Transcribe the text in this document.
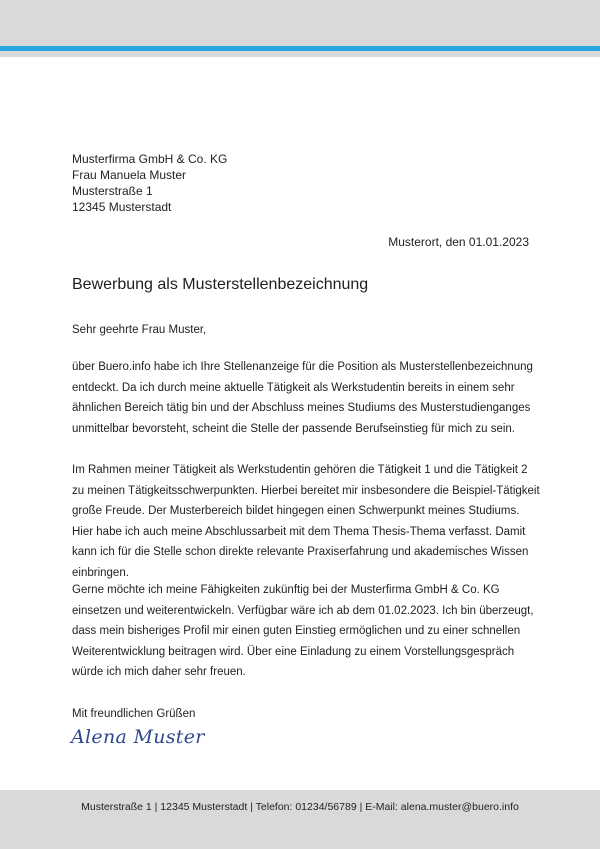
Musterfirma GmbH & Co. KG
Frau Manuela Muster
Musterstraße 1
12345 Musterstadt
Musterort, den 01.01.2023
Bewerbung als Musterstellenbezeichnung
Sehr geehrte Frau Muster,

über Buero.info habe ich Ihre Stellenanzeige für die Position als Musterstellenbezeichnung entdeckt. Da ich durch meine aktuelle Tätigkeit als Werkstudentin bereits in einem sehr ähnlichen Bereich tätig bin und der Abschluss meines Studiums des Musterstudienganges unmittelbar bevorsteht, scheint die Stelle der passende Berufseinstieg für mich zu sein.

Im Rahmen meiner Tätigkeit als Werkstudentin gehören die Tätigkeit 1 und die Tätigkeit 2 zu meinen Tätigkeitsschwerpunkten. Hierbei bereitet mir insbesondere die Beispiel-Tätigkeit große Freude. Der Musterbereich bildet hingegen einen Schwerpunkt meines Studiums. Hier habe ich auch meine Abschlussarbeit mit dem Thema Thesis-Thema verfasst. Damit kann ich für die Stelle schon direkte relevante Praxiserfahrung und akademisches Wissen einbringen.

Gerne möchte ich meine Fähigkeiten zukünftig bei der Musterfirma GmbH & Co. KG einsetzen und weiterentwickeln. Verfügbar wäre ich ab dem 01.02.2023. Ich bin überzeugt, dass mein bisheriges Profil mir einen guten Einstieg ermöglichen und zu einer schnellen Weiterentwicklung beitragen wird. Über eine Einladung zu einem Vorstellungsgespräch würde ich mich daher sehr freuen.

Mit freundlichen Grüßen
Alena Muster
Musterstraße 1 | 12345 Musterstadt | Telefon: 01234/56789 | E-Mail: alena.muster@buero.info
